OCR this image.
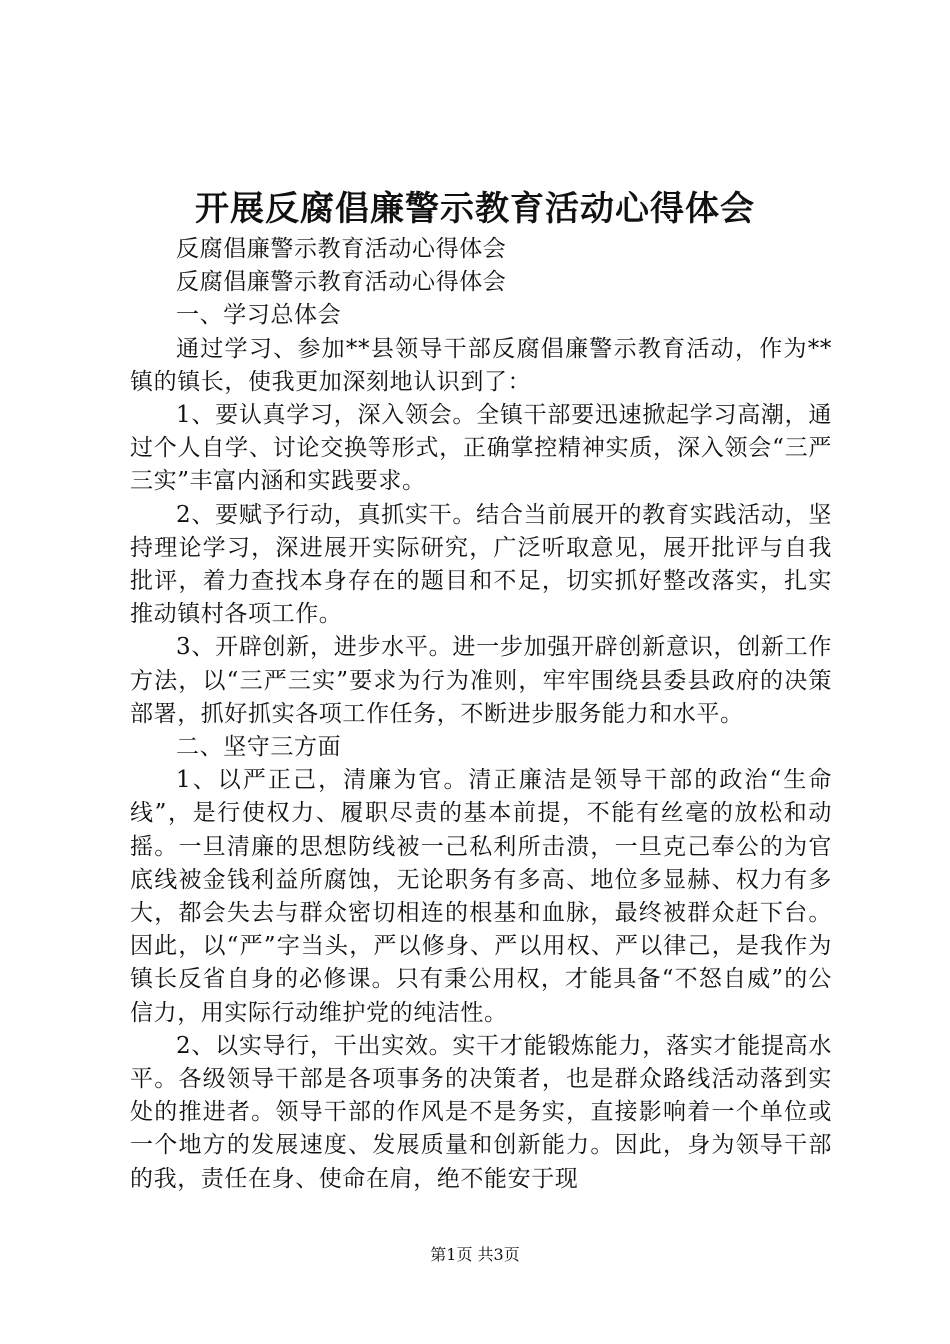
开展反腐倡廉警示教育活动心得体会

反腐倡廉警示教育活动心得体会

反腐倡廉警示教育活动心得体会

一、学习总体会

通过学习、参加**县领导干部反腐倡廉警示教育活动，作为**镇的镇长，使我更加深刻地认识到了：

1、要认真学习，深入领会。全镇干部要迅速掀起学习高潮，通过个人自学、讨论交换等形式，正确掌控精神实质，深入领会“三严三实”丰富内涵和实践要求。

2、要赋予行动，真抓实干。结合当前展开的教育实践活动，坚持理论学习，深进展开实际研究，广泛听取意见，展开批评与自我批评，着力查找本身存在的题目和不足，切实抓好整改落实，扎实推动镇村各项工作。

3、开辟创新，进步水平。进一步加强开辟创新意识，创新工作方法，以“三严三实”要求为行为准则，牢牢围绕县委县政府的决策部署，抓好抓实各项工作任务，不断进步服务能力和水平。

二、坚守三方面

1、以严正己，清廉为官。清正廉洁是领导干部的政治“生命线”，是行使权力、履职尽责的基本前提，不能有丝毫的放松和动摇。一旦清廉的思想防线被一己私利所击溃，一旦克己奉公的为官底线被金钱利益所腐蚀，无论职务有多高、地位多显赫、权力有多大，都会失去与群众密切相连的根基和血脉，最终被群众赶下台。因此，以“严”字当头，严以修身、严以用权、严以律己，是我作为镇长反省自身的必修课。只有秉公用权，才能具备“不怒自威”的公信力，用实际行动维护党的纯洁性。

2、以实导行，干出实效。实干才能锻炼能力，落实才能提高水平。各级领导干部是各项事务的决策者，也是群众路线活动落到实处的推进者。领导干部的作风是不是务实，直接影响着一个单位或一个地方的发展速度、发展质量和创新能力。因此，身为领导干部的我，责任在身、使命在肩，绝不能安于现

第1页 共3页
